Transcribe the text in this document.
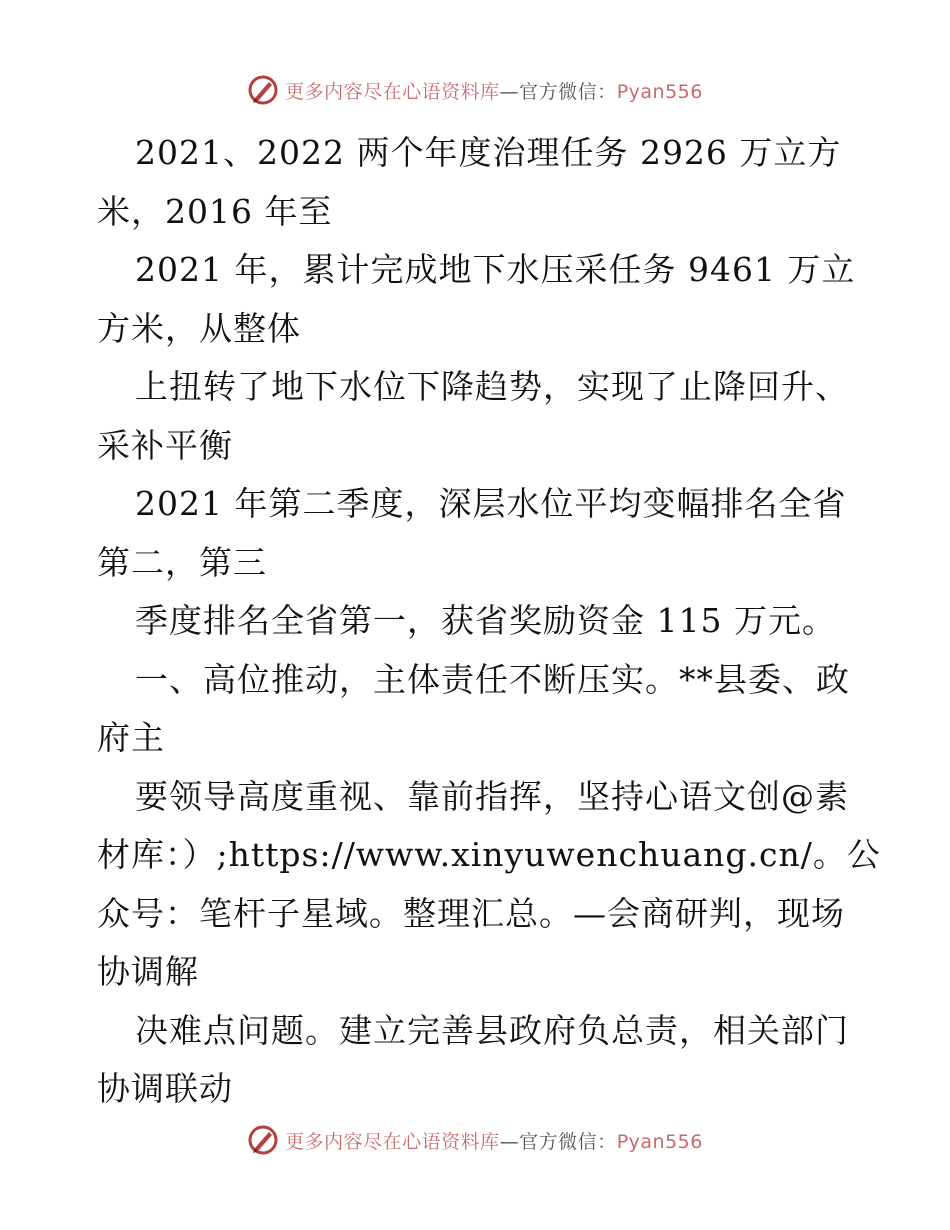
更多内容尽在心语资料库—官方微信：Pyan556
2021、2022 两个年度治理任务 2926 万立方
米，2016 年至
2021 年，累计完成地下水压采任务 9461 万立
方米，从整体
上扭转了地下水位下降趋势，实现了止降回升、
采补平衡
2021 年第二季度，深层水位平均变幅排名全省
第二，第三
季度排名全省第一，获省奖励资金 115 万元。
一、高位推动，主体责任不断压实。**县委、政
府主
要领导高度重视、靠前指挥，坚持心语文创@素
材库：）;https://www.xinyuwenchuang.cn/。公
众号：笔杆子星域。整理汇总。—会商研判，现场
协调解
决难点问题。建立完善县政府负总责，相关部门
协调联动
更多内容尽在心语资料库—官方微信：Pyan556
